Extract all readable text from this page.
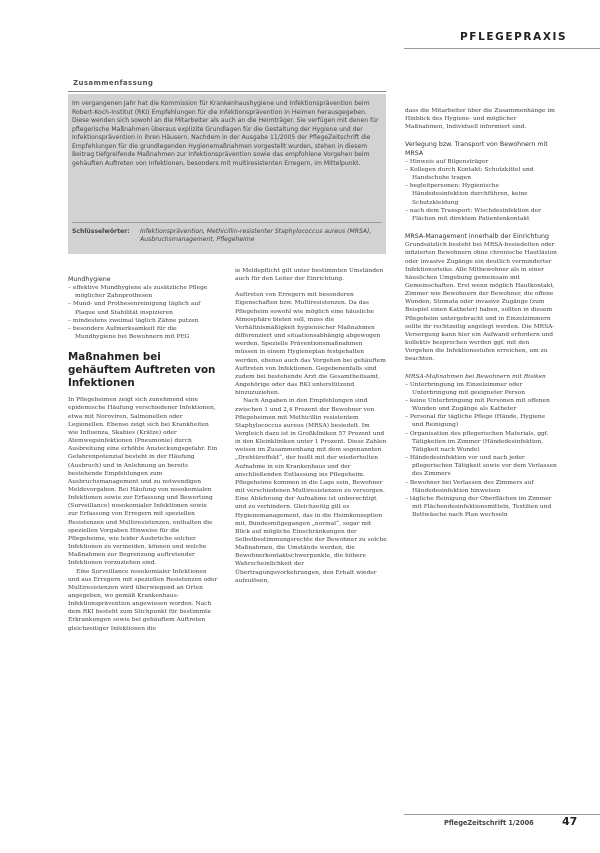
PFLEGEPRAXIS
Zusammenfassung
Im vergangenen Jahr hat die Kommission für Krankenhaushygiene und Infektionsprävention beim Robert-Koch-Institut (RKI) Empfehlungen für die Infektionsprävention in Heimen herausgegeben. Diese wenden sich sowohl an die Mitarbeiter als auch an die Heimträger. Sie verfügen mit denen für pflegerische Maßnahmen überaus explizite Grundlagen für die Gestaltung der Hygiene und der Infektionsprävention in ihren Häusern. Nachdem in der Ausgabe 11/2005 der PflegeZeitschrift die Empfehlungen für die grundlegenden Hygienemaßnahmen vorgestellt wurden, stehen in diesem Beitrag tiefgreifende Maßnahmen zur Infektionsprävention sowie das empfohlene Vorgehen beim gehäuften Auftreten von Infektionen, besonders mit multiresistenten Erregern, im Mittelpunkt.
Schlüsselwörter: Infektionsprävention, Methicillin-resistenter Staphylococcus aureus (MRSA), Ausbruchsmanagement, Pflegeheime
Mundhygiene
– effektive Mundhygiene als zusätzliche Pflege möglicher Zahnprothesen
– Mund- und Prothesenreinigung täglich auf Plaque und Stabilität inspizieren
– mindestens zweimal täglich Zähne putzen
– besondere Aufmerksamkeit für die Mundhygiene bei Bewohnern mit PEG
Maßnahmen bei gehäuftem Auftreten von Infektionen
In Pflegeheimen zeigt sich zunehmend eine epidemische Häufung verschiedener Infektionen, etwa mit Noroviren, Salmonellen oder Legionellen. Ebenso zeigt sich bei Krankheiten wie Influenza, Skabies (Krätze) oder Atemwegsinfektionen (Pneumonie) durch Ausbreitung eine erhöhte Ansteckungsgefahr. Ein Gefahrenpotenzial besteht in der Häufung (Ausbruch) und in Anlehnung an bereits bestehende Empfehlungen zum Ausbruchsmanagement und zu notwendigen Meldevorgaben. Bei Häufung von nosokomialen Infektionen sowie zur Erfassung und Bewertung (Surveillance) nosokomialer Infektionen sowie zur Erfassung von Erregern mit speziellen Resistenzen und Multiresistenzen, enthalten die speziellen Vorgaben Hinweise für die Pflegeheime, wie leider Ausbrüche solcher Infektionen zu vermeiden, können und welche Maßnahmen zur Begrenzung auftretender Infektionen vorzuziehen sind.
Eine Surveillance nosokomialer Infektionen und aus Erregern mit speziellen Resistenzen oder Multiresistenzen wird überwiegend an Orten angegeben, wo gemäß Krankenhaus-Infektionsprävention angewiesen worden. Nach dem RKI besteht zum Stichpunkt für bestimmte Erkrankungen sowie bei gehäuftem Auftreten gleichzeitiger Infektionen die
ie Meldepflicht gilt unter bestimmten Umständen auch für den Leiter der Einrichtung.
Auftreten von Erregern mit besonderen Eigenschaften bzw. Multiresistenzen. Da das Pflegeheim sowohl wie möglich eine häusliche Atmosphäre bieten soll, muss die Verhältnismäßigkeit hygienischer Maßnahmen differenziert und situationsabhängig abgewogen werden. Spezielle Präventionsmaßnahmen müssen in einem Hygieneplan festgehalten werden, ebenso auch das Vorgehen bei gehäuftem Auftreten von Infektionen. Gegebenenfalls sind zudem bei bestehende Arzt die Gesamtheitsamt, Angehörige oder das RKI unterstützend hinzuzuziehen.
Nach Angaben in den Empfehlungen sind zwischen 1 und 2,4 Prozent der Bewohner von Pflegeheimen mit Methicillin resistentem Staphylococcus aureus (MRSA) besiedelt. Im Vergleich dazu ist in Großkliniken 57 Prozent und in den Kleinkliniken unter 1 Prozent. Diese Zahlen weisen im Zusammenhang mit dem sogenannten „Drehtüreffekt“, der heißt mit der wiederholten Aufnahme in ein Krankenhaus und der anschließenden Entlassung ins Pflegeheim. Pflegeheime kommen in die Lage sein, Bewohner mit verschiedenen Multiresistenzen zu versorgen. Eine Ablehnung der Aufnahme ist unberechtigt und zu verhindern. Gleichzeitig gilt es Hygienemanagement, das in die Heimkonzeption mit, Bundesmitgegangen „normal“, sogar mit Blick auf mögliche Einschränkungen der Selbstbestimmungsrechte der Bewohner zu solche Maßnahmen, die Umstände werden, die Bewohnerkontaktschwerpunkte, die höhere Wahrscheinlichkeit der Übertragungsvorkehrungen, den Erhalt wieder aufzulösen,
dass die Mitarbeiter über die Zusammenhänge im Hinblick des Hygiene- und möglicher Maßnahmen, Individuell informiert sind.
Verlegung bzw. Transport von Bewohnern mit MRSA
– Hinweis auf Bilgensträger
– Kollegen durch Kontakt: Schutzkittel und Handschuhe tragen
– begleitpersonen: Hygienische Händedesinfektion durchführen, keine Schutzkleidung
– nach dem Transport: Wischdesinfektion der Flächen mit direktem Patientenkontakt
MRSA-Management innerhalb der Einrichtung
Grundsätzlich besteht bei MRSA-besiedelten oder infizierten Bewohnern ohne chronische Hautläsion oder invasive Zugänge ein deutlich verminderter Infektionsrisiko. Alle Mitbewohner als in einer häuslichen Umgebung gemeinsam mit Gemeinschaften. Erst wenn möglich Hautkontakt, Zimmer wie Bewohnern der Bewohner, die offene Wunden, Stomata oder invasive Zugänge (zum Beispiel einen Katheter) haben, sollten in diesem Pflegeheim untergebracht und in Einzelzimmern sollte ihr rechtzeitig angelegt werden. Die MRSA-Versorgung kann hier ein Aufwand erfordern und kollektiv besprochen werden ggf. mit den Vorgehen die Infektionsstufen erreichen, um zu beachten.
MRSA-Maßnahmen bei Bewohnern mit Risiken
– Unterbringung im Einzelzimmer oder Unterbringung mit geeigneter Person
– keine Unterbringung mit Personen mit offenen Wunden und Zugänge als Katheter
– Personal für tägliche Pflege (Hände, Hygiene und Reinigung)
– Organisation des pflegerischen Materials, ggf. Tätigkeiten im Zimmer (Händedesinfektion, Tätigkeit nach Wunde)
– Händedesinfektion vor und nach jeder pflegerischen Tätigkeit sowie vor dem Verlassen des Zimmers
– Bewohner bei Verlassen des Zimmers auf Händedesinfektion hinweisen
– tägliche Reinigung der Oberflächen im Zimmer mit Flächendesinfektionsmitteln, Textilien und Bettwäsche nach Plan wechseln
PflegeZeitschrift 1/2006	47
